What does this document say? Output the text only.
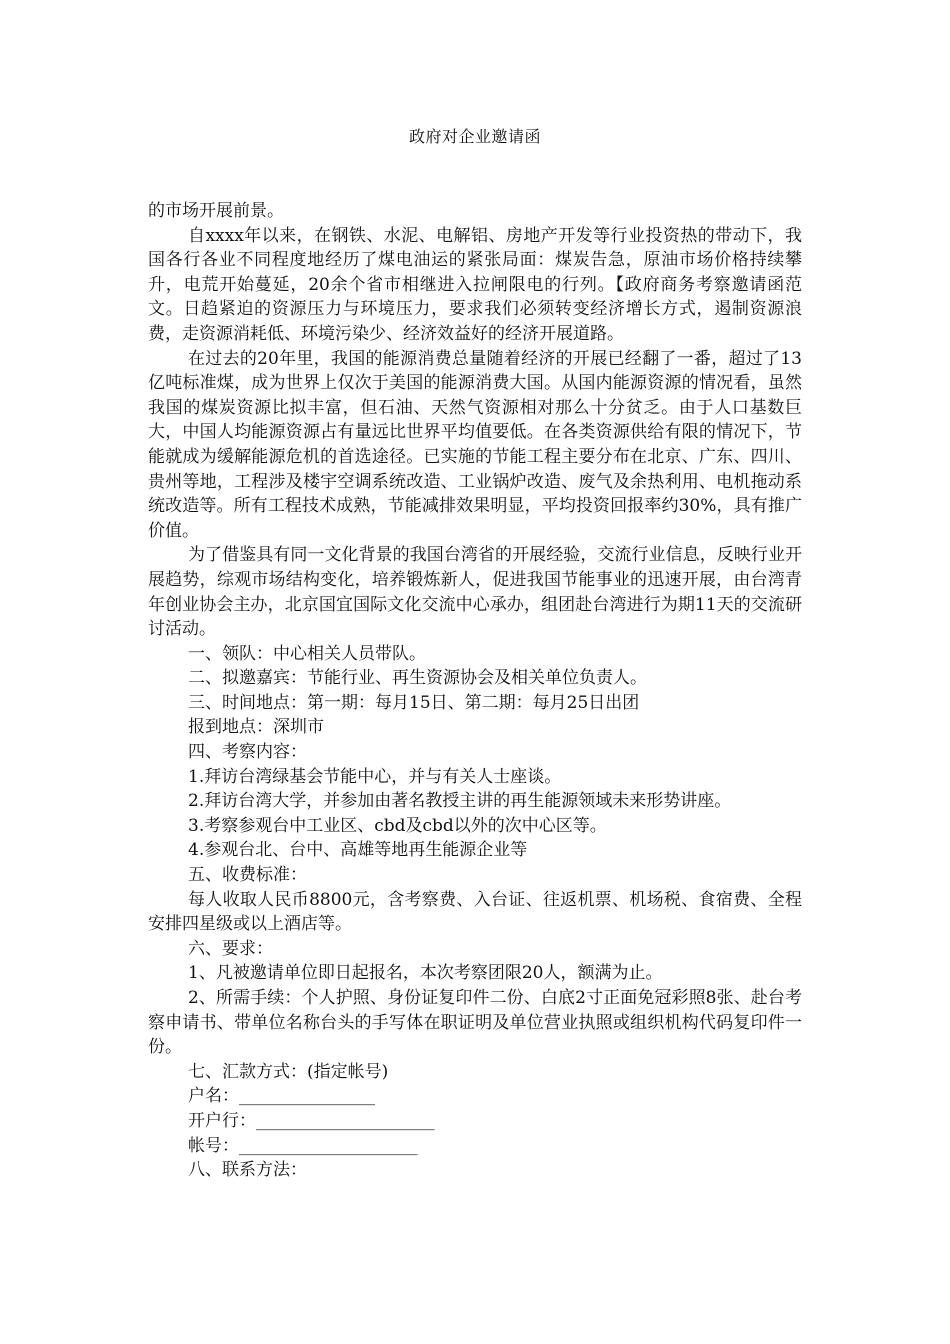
政府对企业邀请函

的市场开展前景。

自xxxx年以来，在钢铁、水泥、电解铝、房地产开发等行业投资热的带动下，我国各行各业不同程度地经历了煤电油运的紧张局面：煤炭告急，原油市场价格持续攀升，电荒开始蔓延，20余个省市相继进入拉闸限电的行列。【政府商务考察邀请函范文。日趋紧迫的资源压力与环境压力，要求我们必须转变经济增长方式，遏制资源浪费，走资源消耗低、环境污染少、经济效益好的经济开展道路。

在过去的20年里，我国的能源消费总量随着经济的开展已经翻了一番，超过了13亿吨标准煤，成为世界上仅次于美国的能源消费大国。从国内能源资源的情况看，虽然我国的煤炭资源比拟丰富，但石油、天然气资源相对那么十分贫乏。由于人口基数巨大，中国人均能源资源占有量远比世界平均值要低。在各类资源供给有限的情况下，节能就成为缓解能源危机的首选途径。已实施的节能工程主要分布在北京、广东、四川、贵州等地，工程涉及楼宇空调系统改造、工业锅炉改造、废气及余热利用、电机拖动系统改造等。所有工程技术成熟，节能减排效果明显，平均投资回报率约30%，具有推广价值。

为了借鉴具有同一文化背景的我国台湾省的开展经验，交流行业信息，反映行业开展趋势，综观市场结构变化，培养锻炼新人，促进我国节能事业的迅速开展，由台湾青年创业协会主办，北京国宜国际文化交流中心承办，组团赴台湾进行为期11天的交流研讨活动。

一、领队：中心相关人员带队。

二、拟邀嘉宾：节能行业、再生资源协会及相关单位负责人。

三、时间地点：第一期：每月15日、第二期：每月25日出团

报到地点：深圳市

四、考察内容：

1.拜访台湾绿基会节能中心，并与有关人士座谈。

2.拜访台湾大学，并参加由著名教授主讲的再生能源领域未来形势讲座。

3.考察参观台中工业区、cbd及cbd以外的次中心区等。

4.参观台北、台中、高雄等地再生能源企业等

五、收费标准：

每人收取人民币8800元，含考察费、入台证、往返机票、机场税、食宿费、全程安排四星级或以上酒店等。

六、要求：

1、凡被邀请单位即日起报名，本次考察团限20人，额满为止。

2、所需手续：个人护照、身份证复印件二份、白底2寸正面免冠彩照8张、赴台考察申请书、带单位名称台头的手写体在职证明及单位营业执照或组织机构代码复印件一份。

七、汇款方式：(指定帐号)

户名：________________

开户行：_____________________

帐号：_____________________

八、联系方法：
